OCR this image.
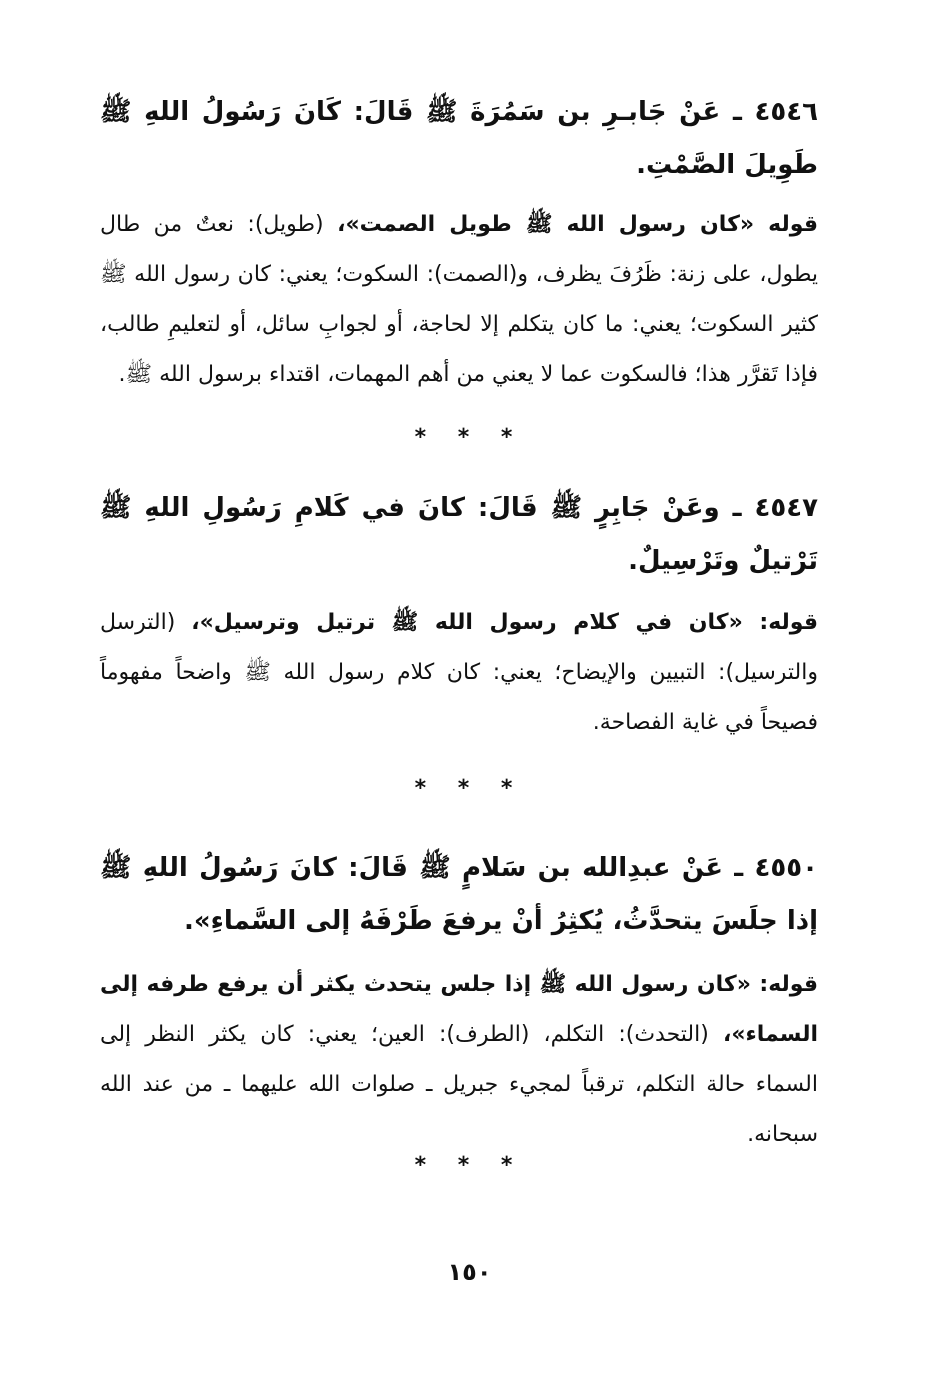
٤٥٤٦ ـ عَنْ جَابـرِ بن سَمُرَةَ ﷺ قَالَ: كَانَ رَسُولُ اللهِ ﷺ طَوِيلَ الصَّمْتِ.
قوله «كان رسول الله ﷺ طويل الصمت»، (طويل): نعتٌ من طال يطول، على زنة: ظَرُفَ يظرف، و(الصمت): السكوت؛ يعني: كان رسول الله ﷺ كثير السكوت؛ يعني: ما كان يتكلم إلا لحاجة، أو لجوابِ سائل، أو لتعليمِ طالب، فإذا تَقرَّر هذا؛ فالسكوت عما لا يعني من أهم المهمات، اقتداء برسول الله ﷺ.
* * *
٤٥٤٧ ـ وعَنْ جَابِرٍ ﷺ قَالَ: كانَ في كَلامِ رَسُولِ اللهِ ﷺ تَرْتيلٌ وتَرْسِيلٌ.
قوله: «كان في كلام رسول الله ﷺ ترتيل وترسيل»، (الترسل والترسيل): التبيين والإيضاح؛ يعني: كان كلام رسول الله ﷺ واضحاً مفهوماً فصيحاً في غاية الفصاحة.
* * *
٤٥٥٠ ـ عَنْ عبدِالله بن سَلامٍ ﷺ قَالَ: كانَ رَسُولُ اللهِ ﷺ إذا جلَسَ يتحدَّثُ، يُكثِرُ أنْ يرفعَ طَرْفَهُ إلى السَّماءِ».
قوله: «كان رسول الله ﷺ إذا جلس يتحدث يكثر أن يرفع طرفه إلى السماء»، (التحدث): التكلم، (الطرف): العين؛ يعني: كان يكثر النظر إلى السماء حالة التكلم، ترقباً لمجيء جبريل ـ صلوات الله عليهما ـ من عند الله سبحانه.
* * *
١٥٠
